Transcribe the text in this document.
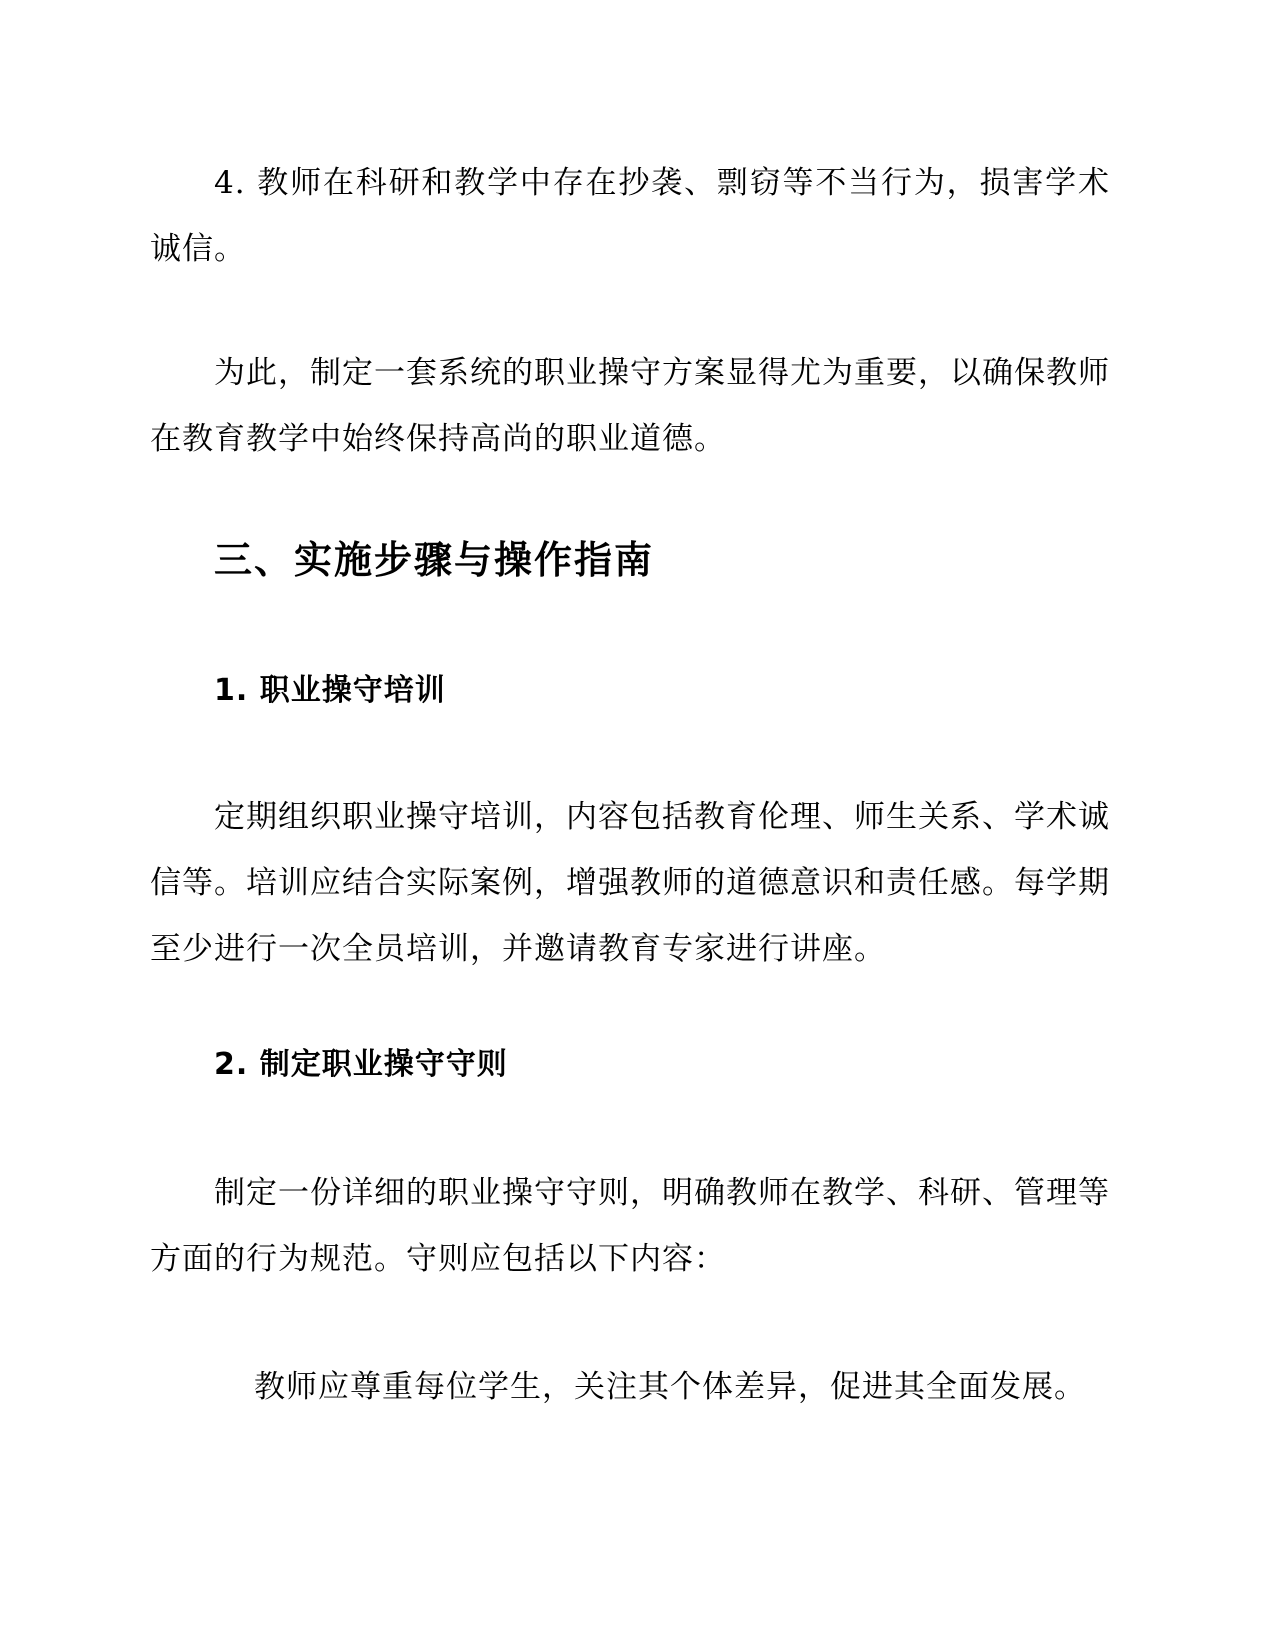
4. 教师在科研和教学中存在抄袭、剽窃等不当行为，损害学术诚信。

为此，制定一套系统的职业操守方案显得尤为重要，以确保教师在教育教学中始终保持高尚的职业道德。

三、实施步骤与操作指南
1. 职业操守培训

定期组织职业操守培训，内容包括教育伦理、师生关系、学术诚信等。培训应结合实际案例，增强教师的道德意识和责任感。每学期至少进行一次全员培训，并邀请教育专家进行讲座。

2. 制定职业操守守则

制定一份详细的职业操守守则，明确教师在教学、科研、管理等方面的行为规范。守则应包括以下内容：

教师应尊重每位学生，关注其个体差异，促进其全面发展。
